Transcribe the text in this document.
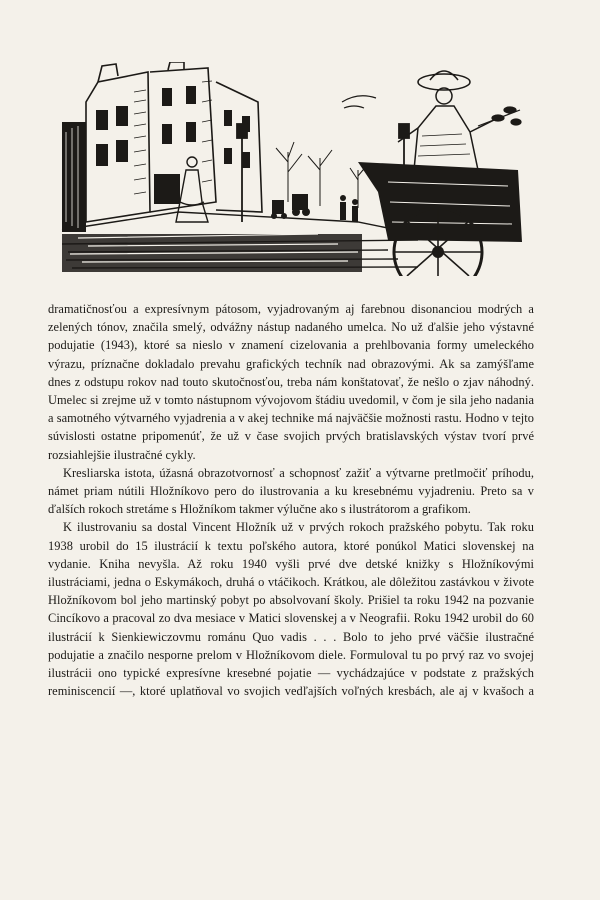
dramatičnosťou a expresívnym pátosom, vyjadrovaným aj farebnou disonanciou modrých a zelených tónov, značila smelý, odvážny nástup nadaného umelca. No už ďalšie jeho výstavné podujatie (1943), ktoré sa nieslo v znamení cizelovania a prehlbovania formy umeleckého výrazu, príznačne dokladalo prevahu grafických techník nad obrazovými. Ak sa zamýšľame dnes z odstupu rokov nad touto skutočnosťou, treba nám konštatovať, že nešlo o zjav náhodný. Umelec si zrejme už v tomto nástupnom vývojovom štádiu uvedomil, v čom je sila jeho nadania a samotného výtvarného vyjadrenia a v akej technike má najväčšie možnosti rastu. Hodno v tejto súvislosti ostatne pripomenúť, že už v čase svojich prvých bratislavských výstav tvorí prvé rozsiahlejšie ilustračné cykly.

Kresliarska istota, úžasná obrazotvornosť a schopnosť zažiť a výtvarne pretlmočiť príhodu, námet priam nútili Hložníkovo pero do ilustrovania a ku kresebnému vyjadreniu. Preto sa v ďalších rokoch stretáme s Hložníkom takmer výlučne ako s ilustrátorom a grafikom.

K ilustrovaniu sa dostal Vincent Hložník už v prvých rokoch pražského pobytu. Tak roku 1938 urobil do 15 ilustrácií k textu poľského autora, ktoré ponúkol Matici slovenskej na vydanie. Kniha nevyšla. Až roku 1940 vyšli prvé dve detské knižky s Hložníkovými ilustráciami, jedna o Eskymákoch, druhá o vtáčikoch. Krátkou, ale dôležitou zastávkou v živote Hložníkovom bol jeho martinský pobyt po absolvovaní školy. Prišiel ta roku 1942 na pozvanie Cincíkovo a pracoval zo dva mesiace v Matici slovenskej a v Neografii. Roku 1942 urobil do 60 ilustrácií k Sienkiewiczovmu románu Quo vadis . . . Bolo to jeho prvé väčšie ilustračné podujatie a značilo nesporne prelom v Hložníkovom diele. Formuloval tu po prvý raz vo svojej ilustrácii ono typické expresívne kresebné pojatie — vychádzajúce v podstate z pražských reminiscencií —, ktoré uplatňoval vo svojich vedľajších voľných kresbách, ale aj v kvašoch a
